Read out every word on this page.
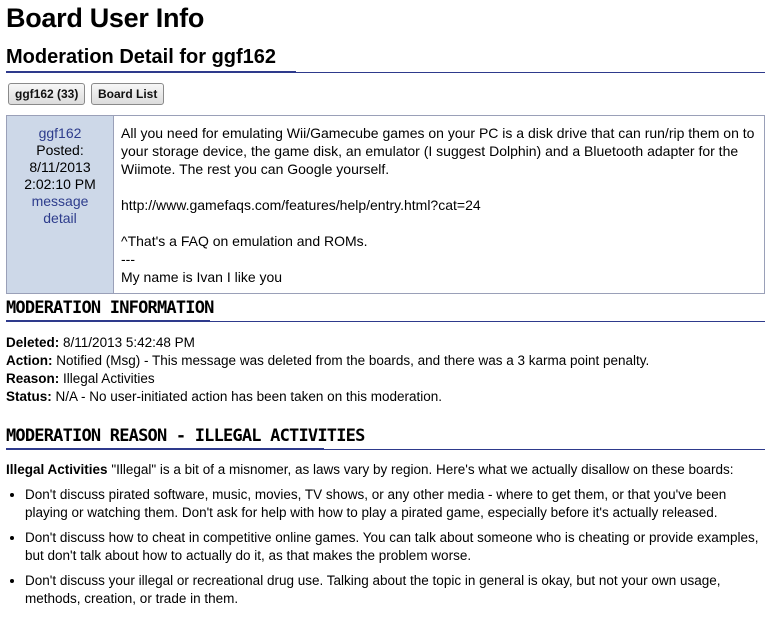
Board User Info
Moderation Detail for ggf162
ggf162 (33) Board List
ggf162
Posted:
8/11/2013
2:02:10 PM
message
detail	

All you need for emulating Wii/Gamecube games on your PC is a disk drive that can run/rip them on to your storage device, the game disk, an emulator (I suggest Dolphin) and a Bluetooth adapter for the Wiimote. The rest you can Google yourself.

http://www.gamefaqs.com/features/help/entry.html?cat=24

^That's a FAQ on emulation and ROMs.

---

My name is Ivan I like you

MODERATION INFORMATION
Deleted: 8/11/2013 5:42:48 PM
Action: Notified (Msg) - This message was deleted from the boards, and there was a 3 karma point penalty.
Reason: Illegal Activities
Status: N/A - No user-initiated action has been taken on this moderation.
MODERATION REASON - ILLEGAL ACTIVITIES
Illegal Activities "Illegal" is a bit of a misnomer, as laws vary by region. Here's what we actually disallow on these boards:
• Don't discuss pirated software, music, movies, TV shows, or any other media - where to get them, or that you've been playing or watching them. Don't ask for help with how to play a pirated game, especially before it's actually released.
• Don't discuss how to cheat in competitive online games. You can talk about someone who is cheating or provide examples, but don't talk about how to actually do it, as that makes the problem worse.
• Don't discuss your illegal or recreational drug use. Talking about the topic in general is okay, but not your own usage, methods, creation, or trade in them.
